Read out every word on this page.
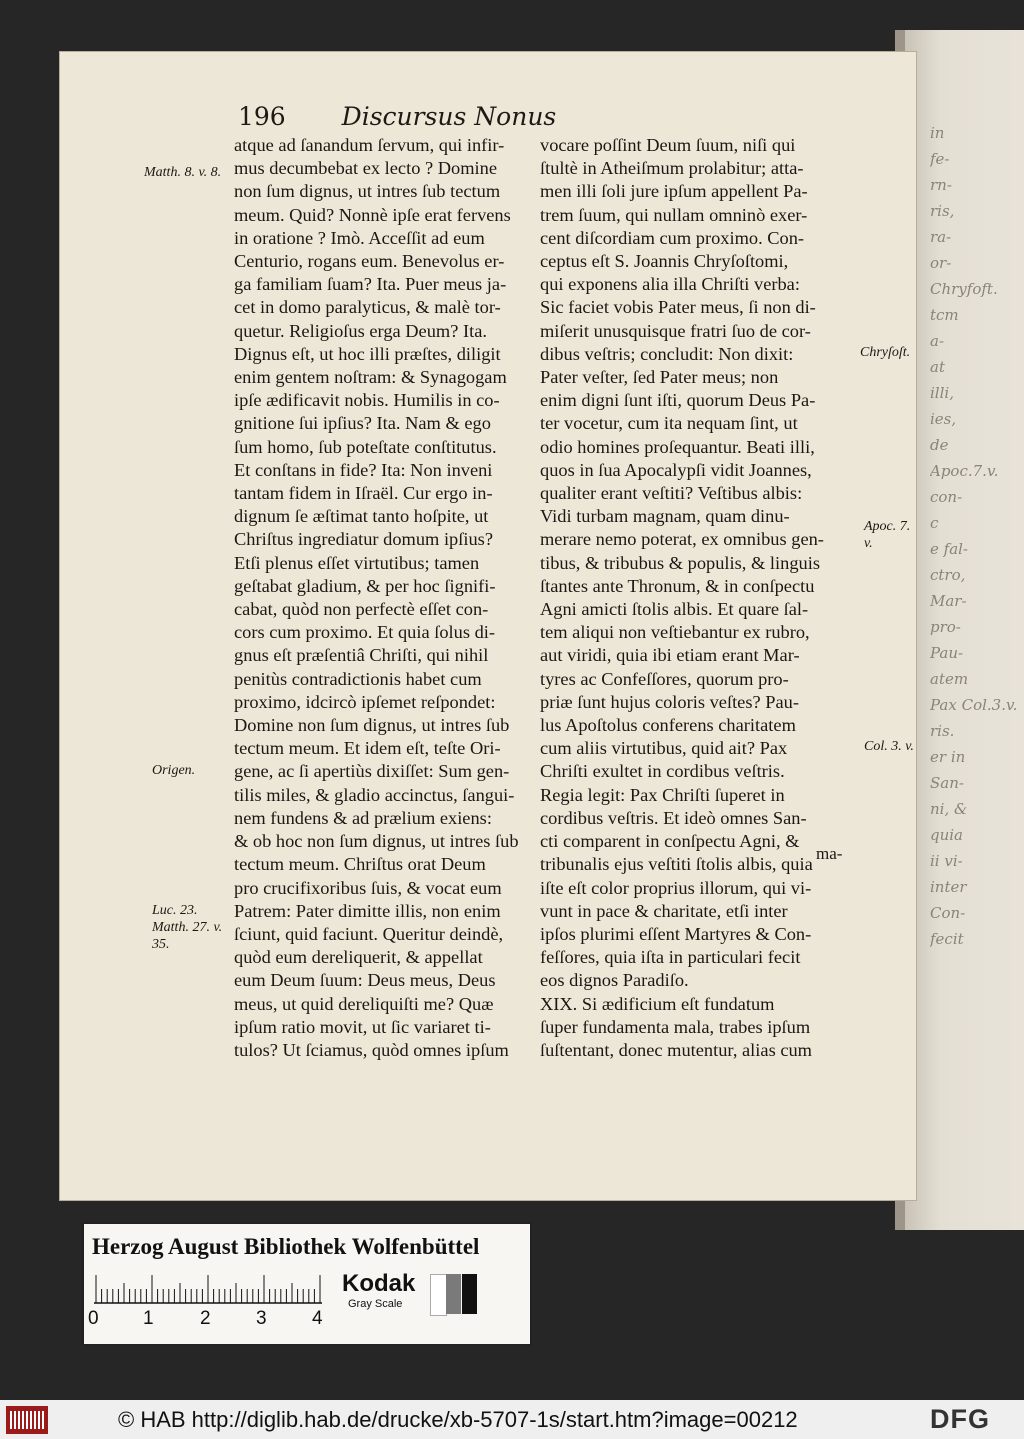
in
fe-
rn-
ris,
ra-
or-
Chryfoft.
tcm
a-
at
illi,
ies,
de
Apoc.7.v.
con-
c
e fal-
ctro,
Mar-
pro-
Pau-
atem
Pax Col.3.v.
ris.
er in
San-
ni, &
quia
ii vi-
inter
Con-
fecit
196 Discursus Nonus

atque ad ſanandum ſervum, qui infir-

mus decumbebat ex lecto ? Domine

non ſum dignus, ut intres ſub tectum

meum. Quid? Nonnè ipſe erat fervens

in oratione ? Imò. Acceſſit ad eum

Centurio, rogans eum. Benevolus er-

ga familiam ſuam? Ita. Puer meus ja-

cet in domo paralyticus, & malè tor-

quetur. Religioſus erga Deum? Ita.

Dignus eſt, ut hoc illi præſtes, diligit

enim gentem noſtram: & Synagogam

ipſe ædificavit nobis. Humilis in co-

gnitione ſui ipſius? Ita. Nam & ego

ſum homo, ſub poteſtate conſtitutus.

Et conſtans in fide? Ita: Non inveni

tantam fidem in Iſraël. Cur ergo in-

dignum ſe æſtimat tanto hoſpite, ut

Chriſtus ingrediatur domum ipſius?

Etſi plenus eſſet virtutibus; tamen

geſtabat gladium, & per hoc ſignifi-

cabat, quòd non perfectè eſſet con-

cors cum proximo. Et quia ſolus di-

gnus eſt præſentiâ Chriſti, qui nihil

penitùs contradictionis habet cum

proximo, idcircò ipſemet reſpondet:

Domine non ſum dignus, ut intres ſub

tectum meum. Et idem eſt, teſte Ori-

gene, ac ſi apertiùs dixiſſet: Sum gen-

tilis miles, & gladio accinctus, ſangui-

nem fundens & ad prælium exiens:

& ob hoc non ſum dignus, ut intres ſub

tectum meum. Chriſtus orat Deum

pro crucifixoribus ſuis, & vocat eum

Patrem: Pater dimitte illis, non enim

ſciunt, quid faciunt. Queritur deindè,

quòd eum dereliquerit, & appellat

eum Deum ſuum: Deus meus, Deus

meus, ut quid dereliquiſti me? Quæ

ipſum ratio movit, ut ſic variaret ti-

tulos? Ut ſciamus, quòd omnes ipſum

vocare poſſint Deum ſuum, niſi qui

ſtultè in Atheiſmum prolabitur; atta-

men illi ſoli jure ipſum appellent Pa-

trem ſuum, qui nullam omninò exer-

cent diſcordiam cum proximo. Con-

ceptus eſt S. Joannis Chryſoſtomi,

qui exponens alia illa Chriſti verba:

Sic faciet vobis Pater meus, ſi non di-

miſerit unusquisque fratri ſuo de cor-

dibus veſtris; concludit: Non dixit:

Pater veſter, ſed Pater meus; non

enim digni ſunt iſti, quorum Deus Pa-

ter vocetur, cum ita nequam ſint, ut

odio homines proſequantur. Beati illi,

quos in ſua Apocalypſi vidit Joannes,

qualiter erant veſtiti? Veſtibus albis:

Vidi turbam magnam, quam dinu-

merare nemo poterat, ex omnibus gen-

tibus, & tribubus & populis, & linguis

ſtantes ante Thronum, & in conſpectu

Agni amicti ſtolis albis. Et quare ſal-

tem aliqui non veſtiebantur ex rubro,

aut viridi, quia ibi etiam erant Mar-

tyres ac Confeſſores, quorum pro-

priæ ſunt hujus coloris veſtes? Pau-

lus Apoſtolus conferens charitatem

cum aliis virtutibus, quid ait? Pax

Chriſti exultet in cordibus veſtris.

Regia legit: Pax Chriſti ſuperet in

cordibus veſtris. Et ideò omnes San-

cti comparent in conſpectu Agni, &

tribunalis ejus veſtiti ſtolis albis, quia

iſte eſt color proprius illorum, qui vi-

vunt in pace & charitate, etſi inter

ipſos plurimi eſſent Martyres & Con-

feſſores, quia iſta in particulari fecit

eos dignos Paradiſo.

XIX. Si ædificium eſt fundatum

ſuper fundamenta mala, trabes ipſum

ſuſtentant, donec mutentur, alias cum

Matth. 8. v. 8.
Origen.
Luc. 23. Matth. 27. v. 35.
Chryſoſt.
Apoc. 7. v.
Col. 3. v.
ma-
Herzog August Bibliothek Wolfenbüttel
0 1 2 3 4
Kodak
Gray Scale
© HAB http://diglib.hab.de/drucke/xb-5707-1s/start.htm?image=00212	DFG
